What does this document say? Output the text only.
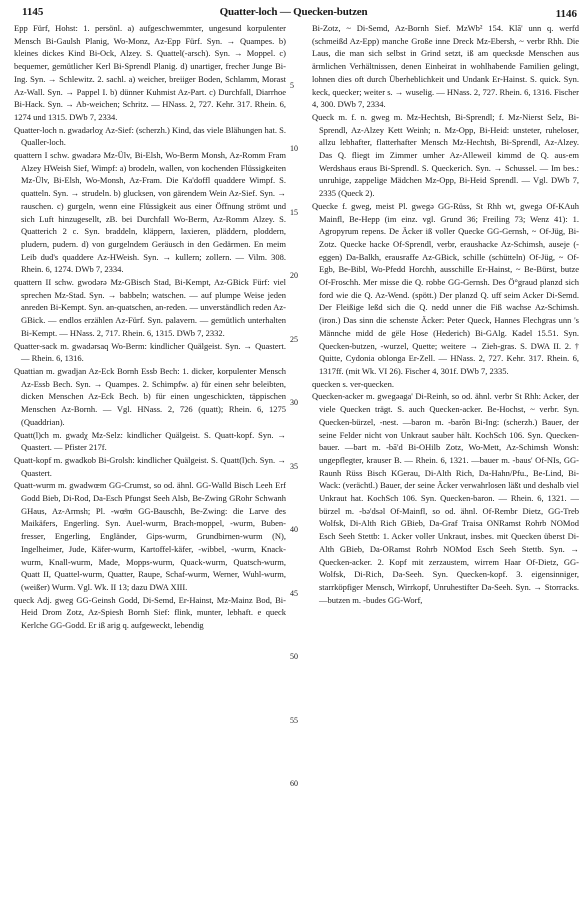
1145	Quatter-loch — Quecken-butzen	1146

Epp Fürf, Hohst: 1. persönl. a) aufgeschwemmter, ungesund korpulenter Mensch Bi-Gaulsh Planig, Wo-Monz, Az-Epp Fürf. Syn. → Quampes. b) kleines dickes Kind Bi-Ock, Alzey. S. Quattel(-arsch). Syn. → Moppel. c) bequemer, gemütlicher Kerl Bi-Sprendl Planig. d) unartiger, frecher Junge Bi-Ing. Syn. → Schlewitz. 2. sachl. a) weicher, breiiger Boden, Schlamm, Morast Az-Wall. Syn. → Pappel I. b) dünner Kuhmist Az-Part. c) Durchfall, Diarrhoe Bi-Hack. Syn. → Ab-weichen; Schritz. — HNass. 2, 727. Kehr. 317. Rhein. 6, 1274 und 1315. DWb 7, 2334.

Quatter-loch n. gwadərloχ Az-Sief: (scherzh.) Kind, das viele Blähungen hat. S. Qualler-loch.

quattern I schw. gwadərə Mz-Ülv, Bi-Elsh, Wo-Berm Monsh, Az-Romm Fram Alzey HWeish Sief, Wimpf: a) brodeln, wallen, von kochenden Flüssigkeiten Mz-Ülv, Bi-Elsh, Wo-Monsh, Az-Fram. Die Ka'doffl quaddere Wimpf. S. quatteln. Syn. → strudeln. b) glucksen, von gärendem Wein Az-Sief. Syn. → rauschen. c) gurgeln, wenn eine Flüssigkeit aus einer Öffnung strömt und sich Luft hinzugesellt, zB. bei Durchfall Wo-Berm, Az-Romm Alzey. S. Quatterich 2 c. Syn. braddeln, kläppern, laxieren, pläddern, ploddern, pludern, pudern. d) von gurgelndem Geräusch in den Gedärmen. En meim Leib dud's quaddere Az-HWeish. Syn. → kullern; zollern. — Vilm. 308. Rhein. 6, 1274. DWb 7, 2334.

quattern II schw. gwodərə Mz-GBisch Stad, Bi-Kempt, Az-GBick Fürf: viel sprechen Mz-Stad. Syn. → babbeln; watschen. — auf plumpe Weise jeden anreden Bi-Kempt. Syn. an-quatschen, an-reden. — unverständlich reden Az-GBick. — endlos erzählen Az-Fürf. Syn. palavern. — gemütlich unterhalten Bi-Kempt. — HNass. 2, 717. Rhein. 6, 1315. DWb 7, 2332.

Quatter-sack m. gwadərsaq Wo-Berm: kindlicher Quälgeist. Syn. → Quastert. — Rhein. 6, 1316.

Quattian m. gwadjan Az-Eck Bornh Essb Bech: 1. dicker, korpulenter Mensch Az-Essb Bech. Syn. → Quampes. 2. Schimpfw. a) für einen sehr beleibten, dicken Menschen Az-Eck Bech. b) für einen ungeschickten, täppischen Menschen Az-Bornh. — Vgl. HNass. 2, 726 (quatt); Rhein. 6, 1275 (Quaddrian).

Quatt(l)ch m. gwadχ Mz-Selz: kindlicher Quälgeist. S. Quatt-kopf. Syn. → Quastert. — Pfister 217f.

Quatt-kopf m. gwadkob Bi-Grolsh: kindlicher Quälgeist. S. Quatt(l)ch. Syn. → Quastert.

Quatt-wurm m. gwadwœm GG-Crumst, so od. ähnl. GG-Walld Bisch Leeh Erf Godd Bieb, Di-Rod, Da-Esch Pfungst Seeh Alsb, Be-Zwing GRohr Schwanh GHaus, Az-Armsh; Pl. -wœ̈m GG-Bauschh, Be-Zwing: die Larve des Maikäfers, Engerling. Syn. Auel-wurm, Brach-moppel, -wurm, Buben-fresser, Engerling, Engländer, Gips-wurm, Grundbirnen-wurm (N), Ingelheimer, Jude, Käfer-wurm, Kartoffel-käfer, -wibbel, -wurm, Knack-wurm, Knall-wurm, Made, Mopps-wurm, Quack-wurm, Quatsch-wurm, Quatt II, Quattel-wurm, Quatter, Raupe, Schaf-wurm, Werner, Wuhl-wurm, (weißer) Wurm. Vgl. Wk. II 13; dazu DWA XIII.

queck Adj. gweg GG-Geinsh Godd, Di-Semd, Er-Hainst, Mz-Mainz Bod, Bi-Heid Drom Zotz, Az-Spiesh Bornh Sief: flink, munter, lebhaft. e queck Kerlche GG-Godd. Er iß arig q. aufgeweckt, lebendig

5
10
15
20
25
30
35
40
45
50
55
60

Bi-Zotz, ~ Di-Semd, Az-Bornh Sief. MzWb² 154. Klā' unn q. werfd (schmeißd Az-Epp) manche Große inne Dreck Mz-Ebersh, ~ verbr Rhh. Die Laus, die man sich selbst in Grind setzt, iß am quecksde Menschen aus ärmlichen Verhältnissen, denen Einheirat in wohlhabende Familien gelingt, lohnen dies oft durch Überheblichkeit und Undank Er-Hainst. S. quick. Syn. keck, quecker; weiter s. → wuselig. — HNass. 2, 727. Rhein. 6, 1316. Fischer 4, 300. DWb 7, 2334.

Queck m. f. n. gweg m. Mz-Hechtsh, Bi-Sprendl; f. Mz-Nierst Selz, Bi-Sprendl, Az-Alzey Kett Weinh; n. Mz-Opp, Bi-Heid: unsteter, ruheloser, allzu lebhafter, flatterhafter Mensch Mz-Hechtsh, Bi-Sprendl, Az-Alzey. Das Q. fliegt im Zimmer umher Az-Alleweil kimmd de Q. aus-em Werdshaus eraus Bi-Sprendl. S. Queckerich. Syn. → Schussel. — Im bes.: unruhige, zappelige Mädchen Mz-Opp, Bi-Heid Sprendl. — Vgl. DWb 7, 2335 (Queck 2).

Quecke f. gweg, meist Pl. gwegə GG-Rüss, St Rhh wt, gwegə Of-KAuh Mainfl, Be-Hepp (im einz. vgl. Grund 36; Freiling 73; Wenz 41): 1. Agropyrum repens. De Äcker iß voller Quecke GG-Gernsh, ~ Of-Jüg, Bi-Zotz. Quecke hacke Of-Sprendl, verbr, eraushacke Az-Schimsh, auseje (-eggen) Da-Balkh, erausraffe Az-GBick, schille (schütteln) Of-Jüg, ~ Of-Egb, Be-Bibl, Wo-Pfedd Horchh, ausschille Er-Hainst, ~ Be-Bürst, butze Of-Froschh. Mer misse die Q. robbe GG-Gernsh. Des Ö°graud planzd sich ford wie die Q. Az-Wend. (spött.) Der planzd Q. uff seim Acker Di-Semd. Der Fleißige leßd sich die Q. nedd unner die Fiß wachse Az-Schimsh. (iron.) Das sinn die schenste Äcker: Peter Queck, Hannes Flechgras unn 's Männche midd de gële Hose (Hederich) Bi-GAlg. Kadel 15.51. Syn. Quecken-butzen, -wurzel, Quette; weitere → Zieh-gras. S. DWA II. 2. † Quitte, Cydonia oblonga Er-Zell. — HNass. 2, 727. Kehr. 317. Rhein. 6, 1317ff. (mit Wk. VI 26). Fischer 4, 301f. DWb 7, 2335.

quecken s. ver-quecken.

Quecken-acker m. gwegəaga' Di-Reinh, so od. ähnl. verbr St Rhh: Acker, der viele Quecken trägt. S. auch Quecken-acker. Be-Hochst, ~ verbr. Syn. Quecken-bürzel, -nest. —baron m. -barõn Bi-Ing: (scherzh.) Bauer, der seine Felder nicht von Unkraut sauber hält. KochSch 106. Syn. Quecken-bauer. —bart m. -bā'd Bi-OHilb Zotz, Wo-Mett, Az-Schimsh Wonsh: ungepflegter, krauser B. — Rhein. 6, 1321. —bauer m. -baus' Of-NIs, GG-Raunh Rüss Bisch KGerau, Di-Alth Rich, Da-Hahn/Pfu., Be-Lind, Bi-Wack: (verächtl.) Bauer, der seine Äcker verwahrlosen läßt und deshalb viel Unkraut hat. KochSch 106. Syn. Quecken-baron. — Rhein. 6, 1321. —bürzel m. -bə'dsəl Of-Mainfl, so od. ähnl. Of-Rembr Dietz, GG-Treb Wolfsk, Di-Alth Rich GBieb, Da-Graf Traisa ONRamst Rohrb NOMod Esch Seeh Stettb: 1. Acker voller Unkraut, insbes. mit Quecken überst Di-Alth GBieb, Da-ORamst Rohrb NOMod Esch Seeh Stettb. Syn. → Quecken-acker. 2. Kopf mit zerzaustem, wirrem Haar Of-Dietz, GG-Wolfsk, Di-Rich, Da-Seeh. Syn. Quecken-kopf. 3. eigensinniger, starrköpfiger Mensch, Wirrkopf, Unruhestifter Da-Seeh. Syn. → Storracks. —butzen m. -budes GG-Worf,
